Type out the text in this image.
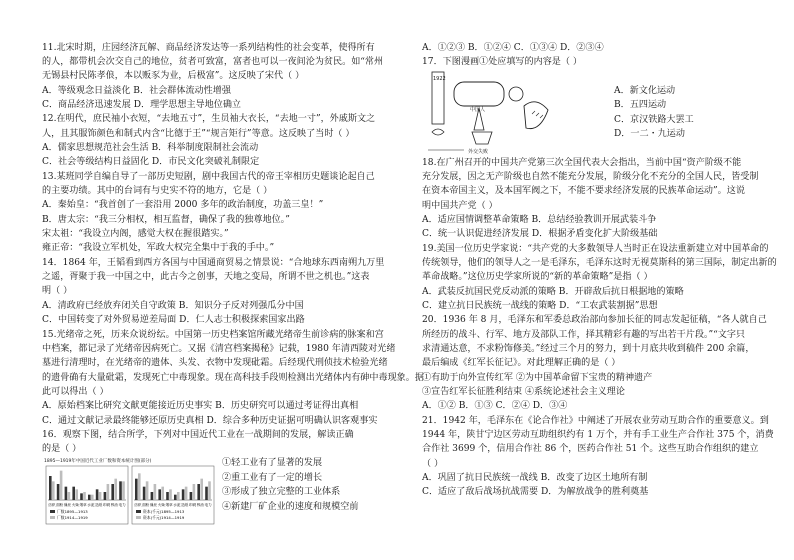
11.北宋时期，庄园经济瓦解、商品经济发达等一系列结构性的社会变革，使得所有
的人，都带机会次交自己的地位，贫者可致富，富者也可以一夜间沦为贫民。如“常州
无锡县村民陈孝俍，本以贩豕为业，后极富”。这反映了宋代（ ）
A．等级观念日益淡化 B．社会群体流动性增强
C．商品经济迅速发展 D．理学思想主导地位确立
12.在明代，庶民袖小衣短，“去地五寸”，生员袖大衣长，“去地一寸”，外戚斯文之
人，且其服饰颜色和制式内含“比德于王”“规言矩行”等意。这反映了当时（ ）
A．儒家思想规范社会生活 B．科举制度限制社会流动
C．社会等级结构日益固化 D．市民文化突破礼制限定
13.某班同学自编自导了一部历史短剧，剧中我国古代的帝王宰相历史题谈论起自己
的主要功绩。其中的台词有与史实不符的地方，它是（ ）
A．秦始皇：“我首创了一套沿用 2000 多年的政治制度，功盖三皇！”
B．唐太宗：“我三分相权，相互监督，确保了我的独尊地位。”
宋太祖：“我设立内阁，感觉大权在握很踏实。”
雍正帝：“我设立军机处，军政大权完全集中于我的手中。”
14．1864 年，王韬看到西方各国与中国通商贸易之情景说：“合地球东西南朔九万里
之遥，胥聚于我一中国之中，此古今之创事，天地之变局，所谓不世之机也。”这表
明（ ）
A．清政府已经放弃闭关自守政策 B．知识分子反对列强瓜分中国
C．中国转变了对外贸易逆差局面 D．仁人志士积极探索国家出路
15.光绪帝之死，历来众说纷纭。中国第一历史档案馆所藏光绪帝生前诊病的脉案和宫
中档案，都记录了光绪帝因病死亡。又据《清宫档案揭秘》记载，1980 年清西陵对光绪
墓进行清理时，在光绪帝的遗体、头发、衣物中发现砒霜。后经现代刑侦技术检验光绪
的遗骨确有大量砒霜，发现死亡中毒现象。现在高科技手段则检测出光绪体内有砷中毒现象。据
此可以得出（ ）
A．原始档案比研究文献更能接近历史事实 B．历史研究可以通过考证得出真相
C．通过文献记录最终能够还原历史真相 D．综合多种历史证据可明确认识客观事实
16．观察下图，结合所学，下列对中国近代工业在一战期间的发展，解读正确
的是（ ）
1895—1919年中国近代工业厂数和资本统计图(部分)
纺织 面粉 缫丝 火柴 烟草 水泥 造纸 印刷 榨油 电力
厂数1895—1913
厂数1914—1919
纺织 面粉 缫丝 火柴 烟草 水泥 造纸 印刷 榨油 电力
资本(千元)1895—1913
资本(千元)1914—1919
①轻工业有了显著的发展
②重工业有了一定的增长
③形成了独立完整的工业体系
④新建厂矿企业的速度和规模空前
A．①②③ B．①②④ C．①③④ D．②③④
17．下图漫画①处应填写的内容是（ ）
1922
中国人
外交失败
A．新文化运动
B．五四运动
C．京汉铁路大罢工
D．一二・九运动
18.在广州召开的中国共产党第三次全国代表大会指出，当前中国“资产阶级不能
充分发展，因之无产阶级也自然不能充分发展，阶级分化不充分的全国人民，皆受制
在资本帝国主义，及本国军阀之下，不能不要求经济发展的民族革命运动”。这说
明中国共产党（ ）
A．适应国情调整革命策略 B．总结经验教训开展武装斗争
C．统一认识促进经济发展 D．根据矛盾变化扩大阶级基础
19.美国一位历史学家说：“共产党的大多数领导人当时正在设法重新建立对中国革命的
传统领导，他们的领导人之一是毛泽东，毛泽东这时无视莫斯科的第三国际，制定出新的
革命战略。”这位历史学家所说的“新的革命策略”是指（ ）
A．武装反抗国民党反动派的策略 B．开辟敌后抗日根据地的策略
C．建立抗日民族统一战线的策略 D．“工农武装割据”思想
20．1936 年 8 月，毛泽东和军委总政治部向参加长征的同志发起征稿，“各人就自己
所经历的战斗、行军、地方及部队工作，择其精彩有趣的写出若干片段。”“文字只
求清通达意，不求粉饰修美。”经过三个月的努力，到十月底共收到稿件 200 余篇，
最后编成《红军长征记》。对此理解正确的是（ ）
①有助于向外宣传红军 ②为中国革命留下宝贵的精神遗产
③宣告红军长征胜利结束 ④系统论述社会主义理论
A．①② B．①③ C．②④ D．③④
21．1942 年，毛泽东在《论合作社》中阐述了开展农业劳动互助合作的重要意义。到
1944 年，陕甘宁边区劳动互助组织约有 1 万个，并有手工业生产合作社 375 个，消费
合作社 3699 个，信用合作社 86 个，医药合作社 51 个。这些互助合作组织的建立
（ ）
A．巩固了抗日民族统一战线 B．改变了边区土地所有制
C．适应了敌后战场抗战需要 D．为解放战争的胜利奠基
